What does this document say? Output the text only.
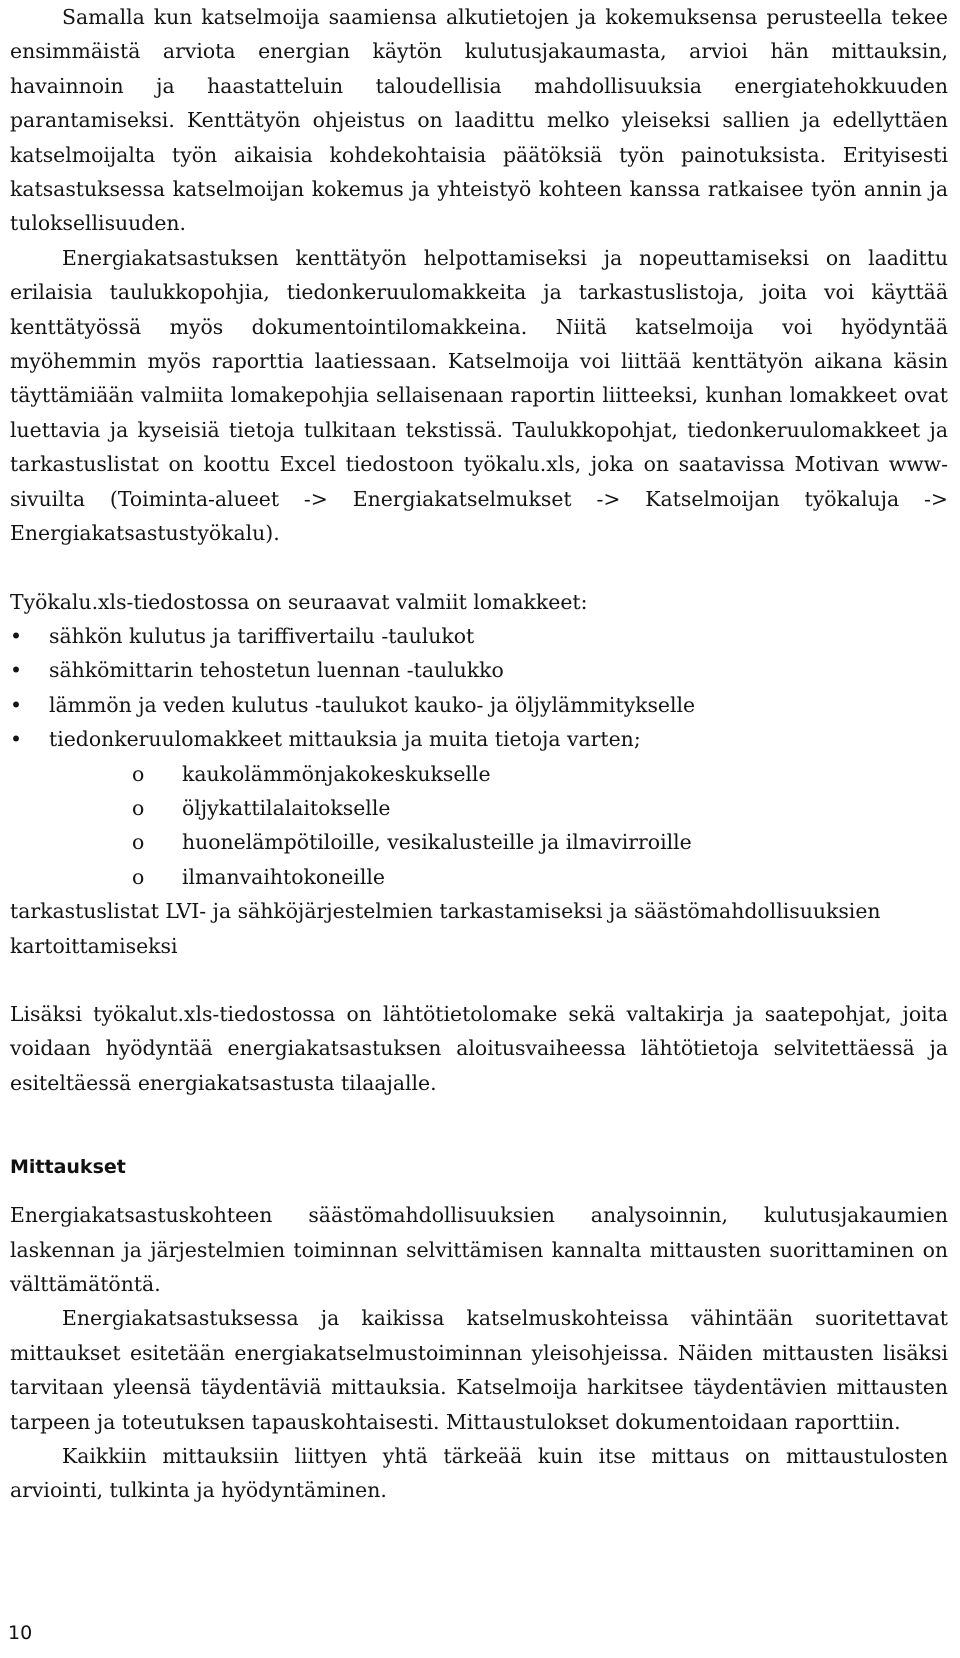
Samalla kun katselmoija saamiensa alkutietojen ja kokemuksensa perusteella tekee ensimmäistä arviota energian käytön kulutusjakaumasta, arvioi hän mittauksin, havainnoin ja haastatteluin taloudellisia mahdollisuuksia energiatehokkuuden parantamiseksi. Kenttätyön ohjeistus on laadittu melko yleiseksi sallien ja edellyttäen katselmoijalta työn aikaisia kohdekohtaisia päätöksiä työn painotuksista. Erityisesti katsastuksessa katselmoijan kokemus ja yhteistyö kohteen kanssa ratkaisee työn annin ja tuloksellisuuden.

Energiakatsastuksen kenttätyön helpottamiseksi ja nopeuttamiseksi on laadittu erilaisia taulukkopohjia, tiedonkeruulomakkeita ja tarkastuslistoja, joita voi käyttää kenttätyössä myös dokumentointilomakkeina. Niitä katselmoija voi hyödyntää myöhemmin myös raporttia laatiessaan. Katselmoija voi liittää kenttätyön aikana käsin täyttämiään valmiita lomakepohjia sellaisenaan raportin liitteeksi, kunhan lomakkeet ovat luettavia ja kyseisiä tietoja tulkitaan tekstissä. Taulukkopohjat, tiedonkeruulomakkeet ja tarkastuslistat on koottu Excel tiedostoon työkalu.xls, joka on saatavissa Motivan www-sivuilta (Toiminta-alueet -> Energiakatselmukset -> Katselmoijan työkaluja -> Energiakatsastustyökalu).

Työkalu.xls-tiedostossa on seuraavat valmiit lomakkeet:

•	sähkön kulutus ja tariffivertailu -taulukot
•	sähkömittarin tehostetun luennan -taulukko
•	lämmön ja veden kulutus -taulukot kauko- ja öljylämmitykselle
•	tiedonkeruulomakkeet mittauksia ja muita tietoja varten;
o kaukolämmönjakokeskukselle
o öljykattilalaitokselle
o huonelämpötiloille, vesikalusteille ja ilmavirroille
o ilmanvaihtokoneille

tarkastuslistat LVI- ja sähköjärjestelmien tarkastamiseksi ja säästömahdollisuuksien kartoittamiseksi

Lisäksi työkalut.xls-tiedostossa on lähtötietolomake sekä valtakirja ja saatepohjat, joita voidaan hyödyntää energiakatsastuksen aloitusvaiheessa lähtötietoja selvitettäessä ja esiteltäessä energiakatsastusta tilaajalle.

Mittaukset

Energiakatsastuskohteen säästömahdollisuuksien analysoinnin, kulutusjakaumien laskennan ja järjestelmien toiminnan selvittämisen kannalta mittausten suorittaminen on välttämätöntä.

Energiakatsastuksessa ja kaikissa katselmuskohteissa vähintään suoritettavat mittaukset esitetään energiakatselmustoiminnan yleisohjeissa. Näiden mittausten lisäksi tarvitaan yleensä täydentäviä mittauksia. Katselmoija harkitsee täydentävien mittausten tarpeen ja toteutuksen tapauskohtaisesti. Mittaustulokset dokumentoidaan raporttiin.

Kaikkiin mittauksiin liittyen yhtä tärkeää kuin itse mittaus on mittaustulosten arviointi, tulkinta ja hyödyntäminen.

10
